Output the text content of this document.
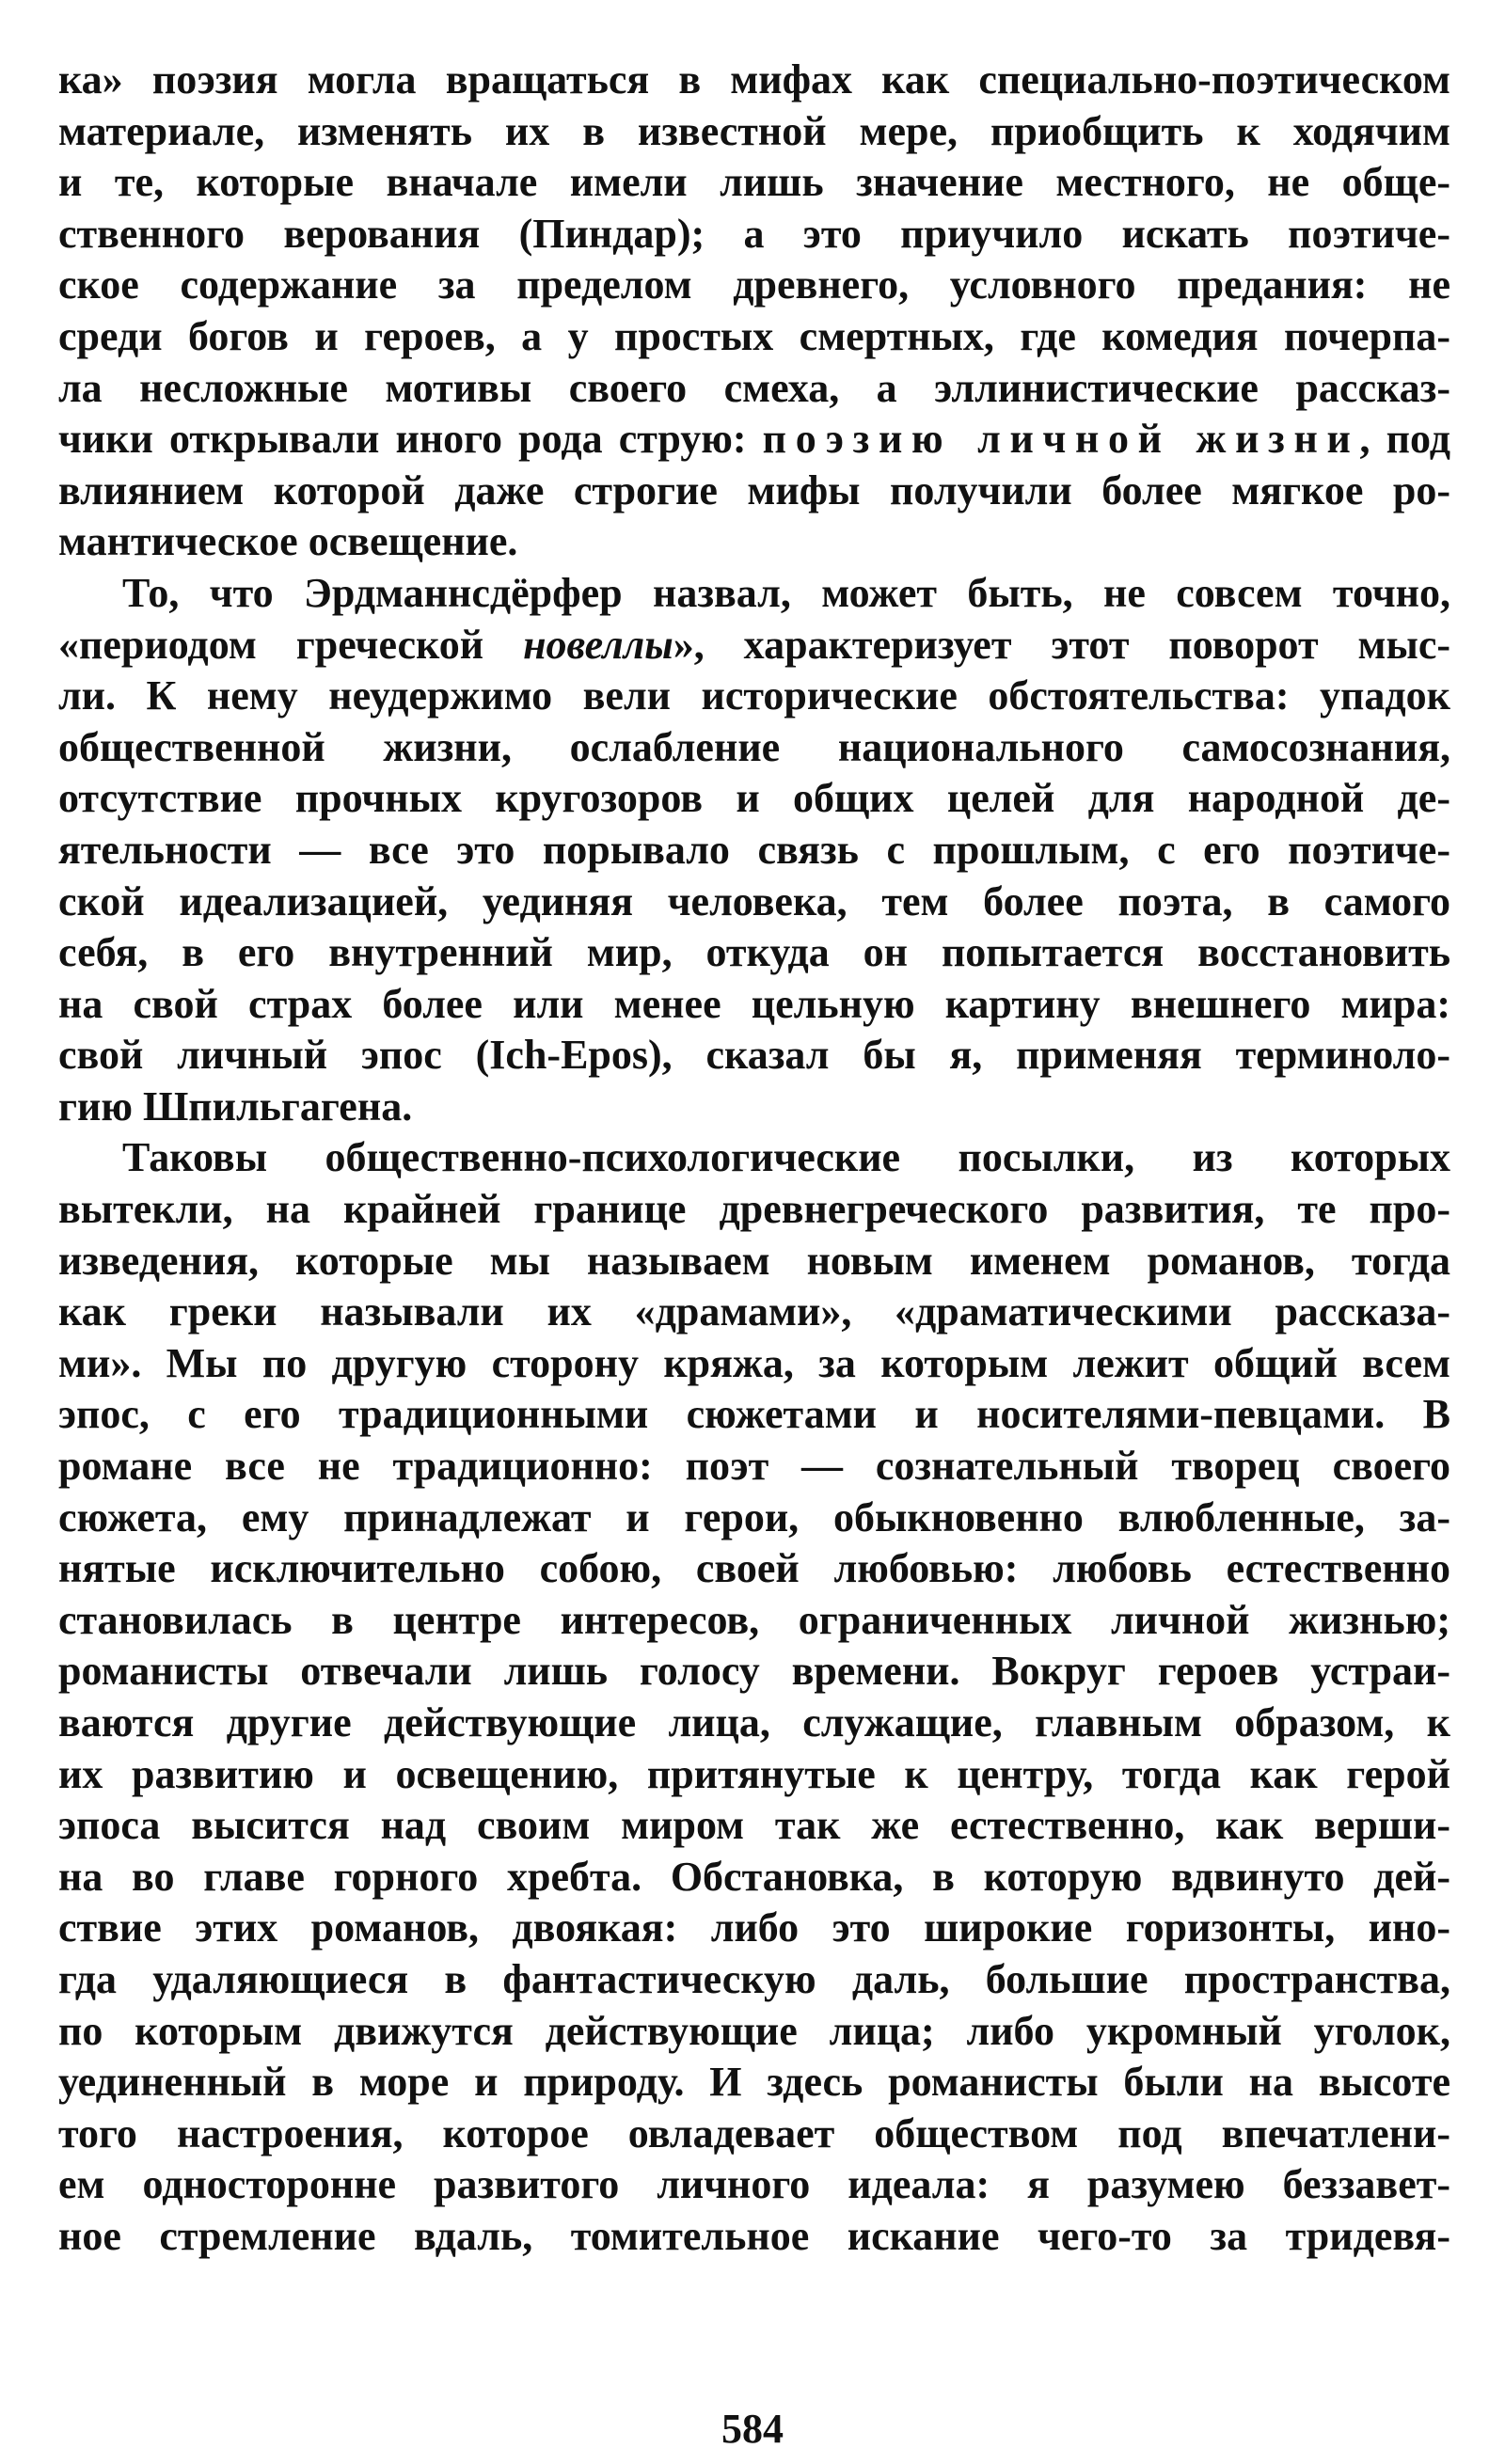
ка» поэзия могла вращаться в мифах как специально-поэтическом
материале, изменять их в известной мере, приобщить к ходячим
и те, которые вначале имели лишь значение местного, не обще-
ственного верования (Пиндар); а это приучило искать поэтиче-
ское содержание за пределом древнего, условного предания: не
среди богов и героев, а у простых смертных, где комедия почерпа-
ла несложные мотивы своего смеха, а эллинистические рассказ-
чики открывали иного рода струю: поэзию личной жизни, под
влиянием которой даже строгие мифы получили более мягкое ро-
мантическое освещение.
То, что Эрдманнсдёрфер назвал, может быть, не совсем точно,
«периодом греческой новеллы», характеризует этот поворот мыс-
ли. К нему неудержимо вели исторические обстоятельства: упадок
общественной жизни, ослабление национального самосознания,
отсутствие прочных кругозоров и общих целей для народной де-
ятельности — все это порывало связь с прошлым, с его поэтиче-
ской идеализацией, уединяя человека, тем более поэта, в самого
себя, в его внутренний мир, откуда он попытается восстановить
на свой страх более или менее цельную картину внешнего мира:
свой личный эпос (Ich-Epos), сказал бы я, применяя терминоло-
гию Шпильгагена.
Таковы общественно-психологические посылки, из которых
вытекли, на крайней границе древнегреческого развития, те про-
изведения, которые мы называем новым именем романов, тогда
как греки называли их «драмами», «драматическими рассказа-
ми». Мы по другую сторону кряжа, за которым лежит общий всем
эпос, с его традиционными сюжетами и носителями-певцами. В
романе все не традиционно: поэт — сознательный творец своего
сюжета, ему принадлежат и герои, обыкновенно влюбленные, за-
нятые исключительно собою, своей любовью: любовь естественно
становилась в центре интересов, ограниченных личной жизнью;
романисты отвечали лишь голосу времени. Вокруг героев устраи-
ваются другие действующие лица, служащие, главным образом, к
их развитию и освещению, притянутые к центру, тогда как герой
эпоса высится над своим миром так же естественно, как верши-
на во главе горного хребта. Обстановка, в которую вдвинуто дей-
ствие этих романов, двоякая: либо это широкие горизонты, ино-
гда удаляющиеся в фантастическую даль, большие пространства,
по которым движутся действующие лица; либо укромный уголок,
уединенный в море и природу. И здесь романисты были на высоте
того настроения, которое овладевает обществом под впечатлени-
ем односторонне развитого личного идеала: я разумею беззавет-
ное стремление вдаль, томительное искание чего-то за тридевя-
584
